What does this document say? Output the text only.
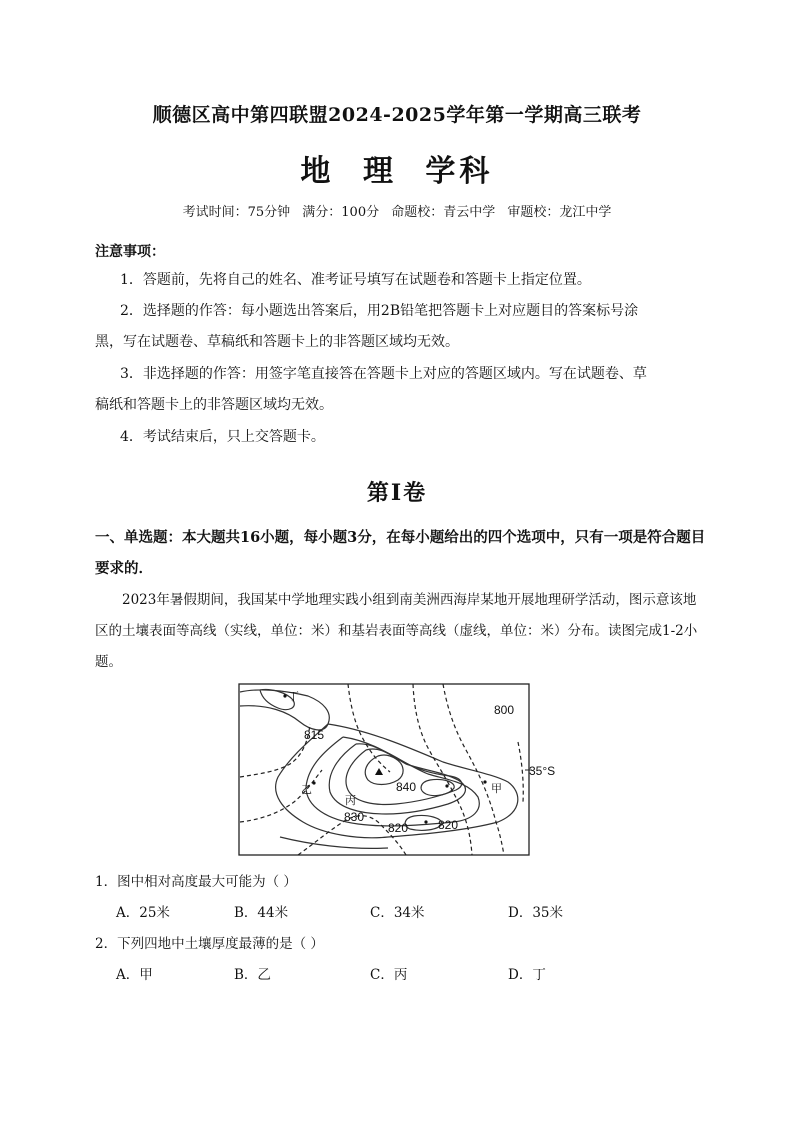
顺德区高中第四联盟2024-2025学年第一学期高三联考
地 理 学科
考试时间：75分钟 满分：100分 命题校：青云中学 审题校：龙江中学
注意事项：
1．答题前，先将自己的姓名、准考证号填写在试题卷和答题卡上指定位置。
2．选择题的作答：每小题选出答案后，用2B铅笔把答题卡上对应题目的答案标号涂
黑，写在试题卷、草稿纸和答题卡上的非答题区域均无效。
3．非选择题的作答：用签字笔直接答在答题卡上对应的答题区域内。写在试题卷、草
稿纸和答题卡上的非答题区域均无效。
4．考试结束后，只上交答题卡。
第Ⅰ卷
一、单选题：本大题共16小题，每小题3分，在每小题给出的四个选项中，只有一项是符合题目要求的．
2023年暑假期间，我国某中学地理实践小组到南美洲西海岸某地开展地理研学活动，图示意该地区的土壤表面等高线（实线，单位：米）和基岩表面等高线（虚线，单位：米）分布。读图完成1-2小题。
800
815
840
830
820 820
35°S
甲
乙
丙
丁
1．图中相对高度最大可能为（ ）
A．25米	B．44米	C．34米	D．35米
2．下列四地中土壤厚度最薄的是（ ）
A．甲	B．乙	C．丙	D．丁
